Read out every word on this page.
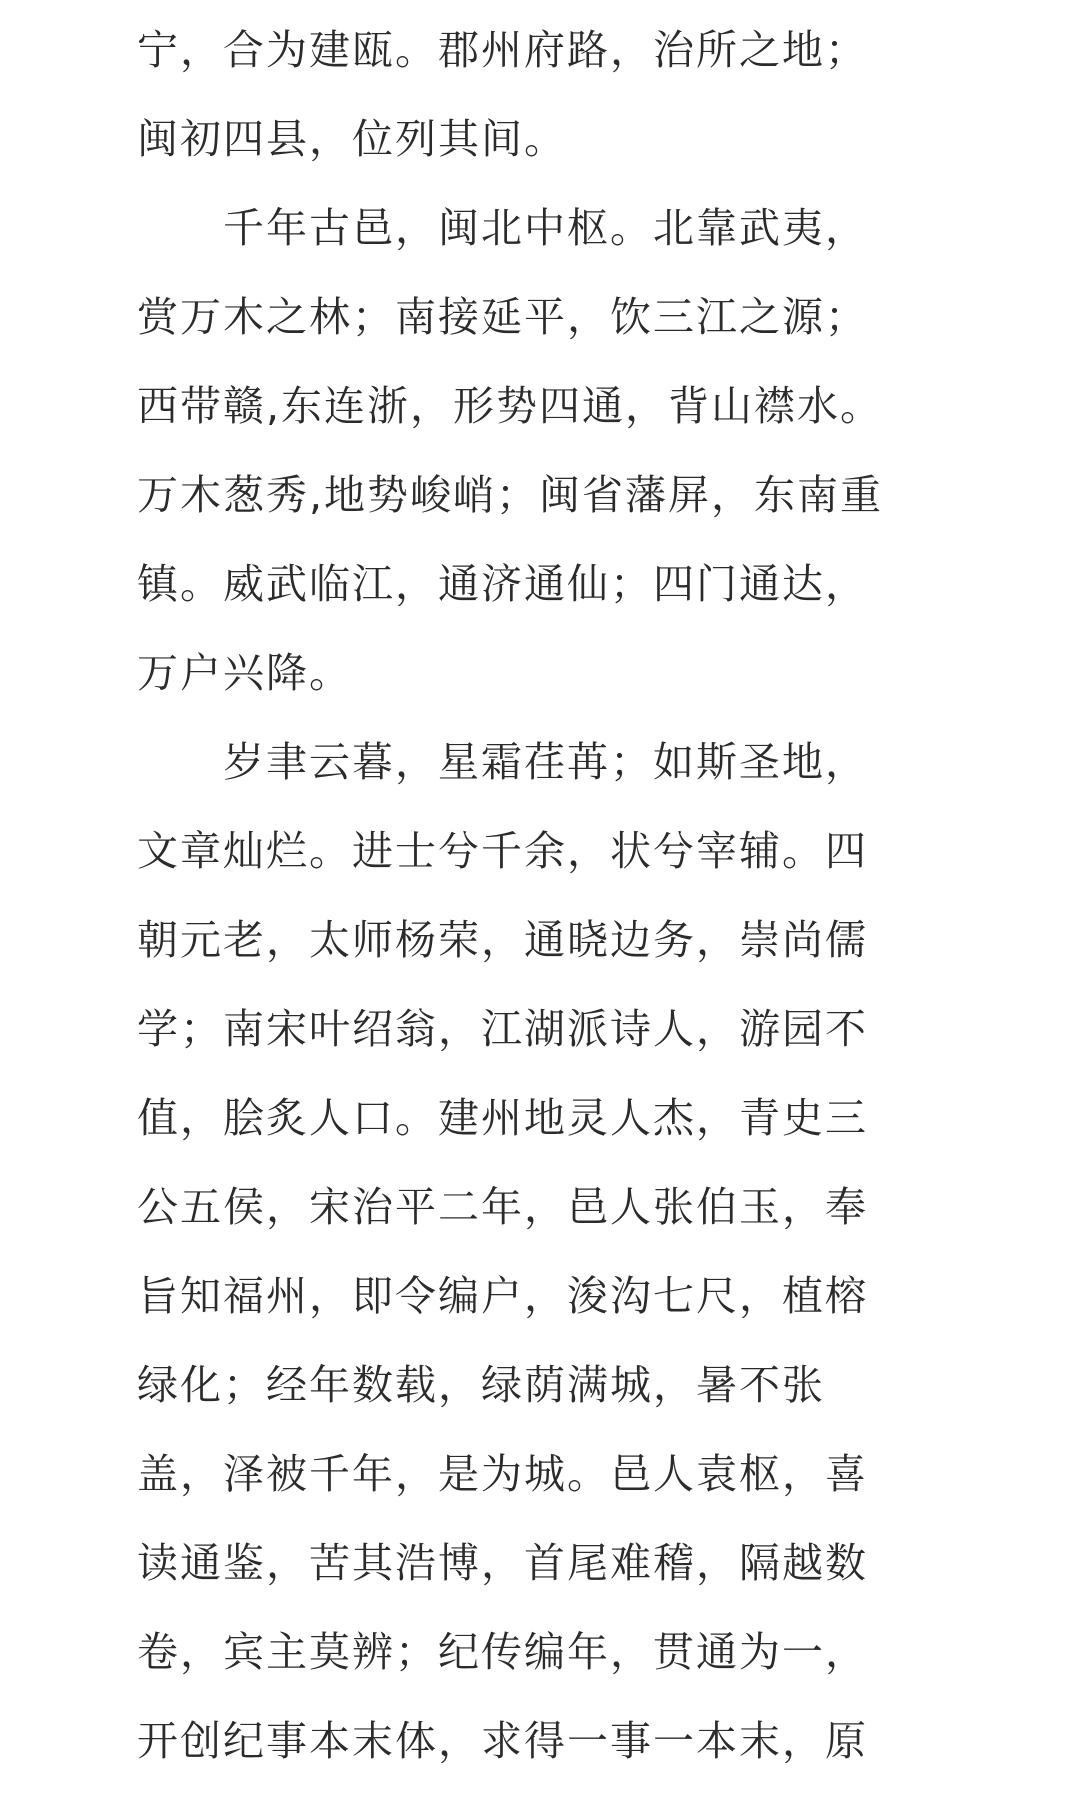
宁，合为建瓯。郡州府路，治所之地；
闽初四县，位列其间。
　　千年古邑，闽北中枢。北靠武夷，
赏万木之林；南接延平，饮三江之源；
西带赣,东连浙，形势四通，背山襟水。
万木葱秀,地势峻峭；闽省藩屏，东南重
镇。威武临江，通济通仙；四门通达，
万户兴降。
　　岁聿云暮，星霜荏苒；如斯圣地，
文章灿烂。进士兮千余，状兮宰辅。四
朝元老，太师杨荣，通晓边务，崇尚儒
学；南宋叶绍翁，江湖派诗人，游园不
值，脍炙人口。建州地灵人杰，青史三
公五侯，宋治平二年，邑人张伯玉，奉
旨知福州，即令编户，浚沟七尺，植榕
绿化；经年数载，绿荫满城，暑不张
盖，泽被千年，是为城。邑人袁枢，喜
读通鉴，苦其浩博，首尾难稽，隔越数
卷，宾主莫辨；纪传编年，贯通为一，
开创纪事本末体，求得一事一本末，原
